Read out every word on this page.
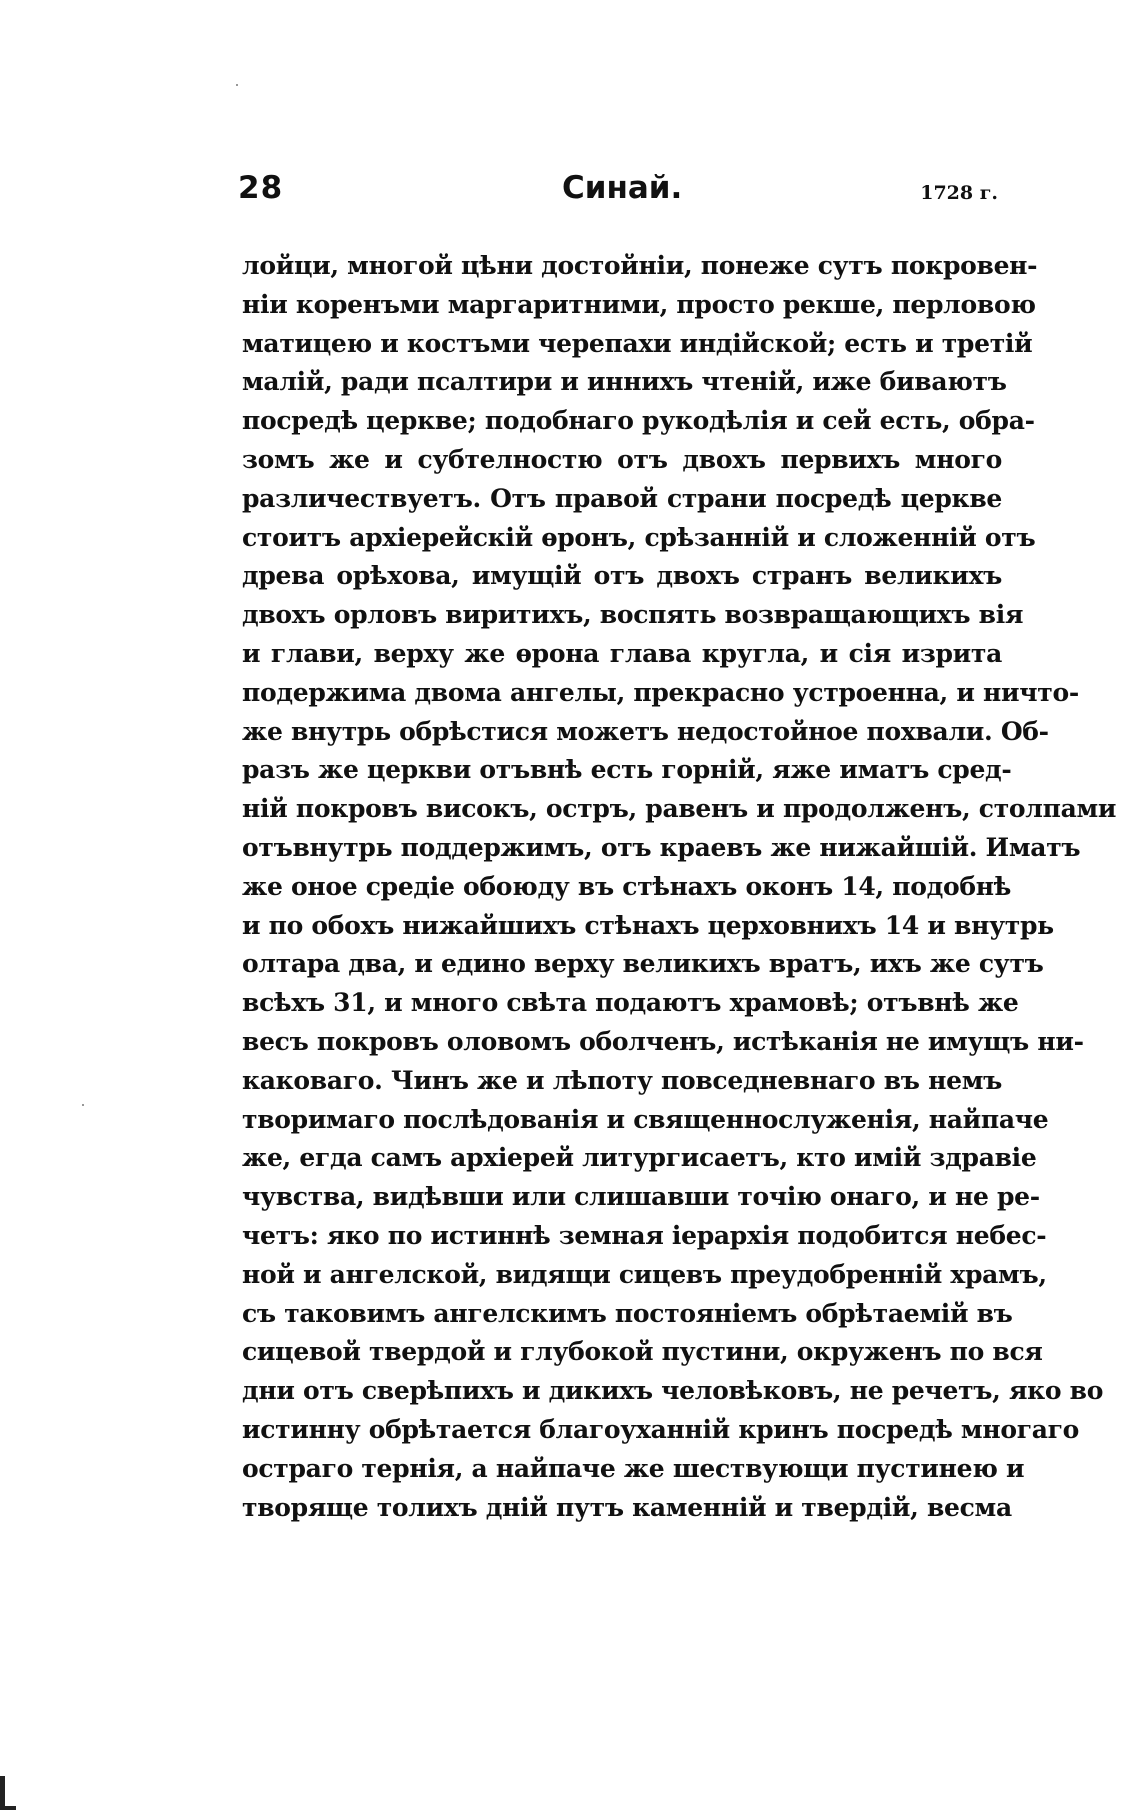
28	Синай.	1728 г.
лойци, многой цѣни достойніи, понеже сутъ покровен-
ніи коренъми маргаритними, просто рекше, перловою
матицею и костъми черепахи индійской; есть и третій
малій, ради псалтири и инниxъ чтеній, иже биваютъ
посредѣ церкве; подобнаго рукодѣлія и сей есть, обра-
зомъ же и субтелностю отъ двохъ первихъ много
различествуетъ. Отъ правой страни посредѣ церкве
стоитъ архіерейскій ѳронъ, срѣзанній и сложенній отъ
древа орѣхова, имущій отъ двохъ странъ великихъ
двохъ орловъ виритихъ, воспять возвращающихъ вія
и глави, верху же ѳрона глава кругла, и сія изрита
подержима двома ангелы, прекрасно устроенна, и ничто-
же внутрь обрѣстися можетъ недостойное похвали. Об-
разъ же церкви отъвнѣ есть горній, яже иматъ сред-
ній покровъ високъ, остръ, равенъ и продолженъ, столпами
отъвнутрь поддержимъ, отъ краевъ же нижайшій. Иматъ
же оное средіе обоюду въ стѣнахъ оконъ 14, подобнѣ
и по обохъ нижайшихъ стѣнахъ церховнихъ 14 и внутрь
олтара два, и едино верху великихъ вратъ, ихъ же сутъ
всѣхъ 31, и много свѣта подаютъ храмовѣ; отъвнѣ же
весъ покровъ оловомъ оболченъ, истѣканія не имущъ ни-
каковаго. Чинъ же и лѣпоту повседневнаго въ немъ
творимаго послѣдованія и священнослуженія, найпаче
же, егда самъ архіерей литургисаетъ, кто имій здравіе
чувства, видѣвши или слишавши точію онаго, и не ре-
четъ: яко по истиннѣ земная іерархія подобится небес-
ной и ангелской, видящи сицевъ преудобренній храмъ,
съ таковимъ ангелскимъ постояніемъ обрѣтаемій въ
сицевой твердой и глубокой пустини, окруженъ по вся
дни отъ сверѣпихъ и дикихъ человѣковъ, не речетъ, яко во
истинну обрѣтается благоуханній кринъ посредѣ многаго
остраго тернія, а найпаче же шествующи пустинею и
творяще толихъ дній путъ каменній и твердій, весма
